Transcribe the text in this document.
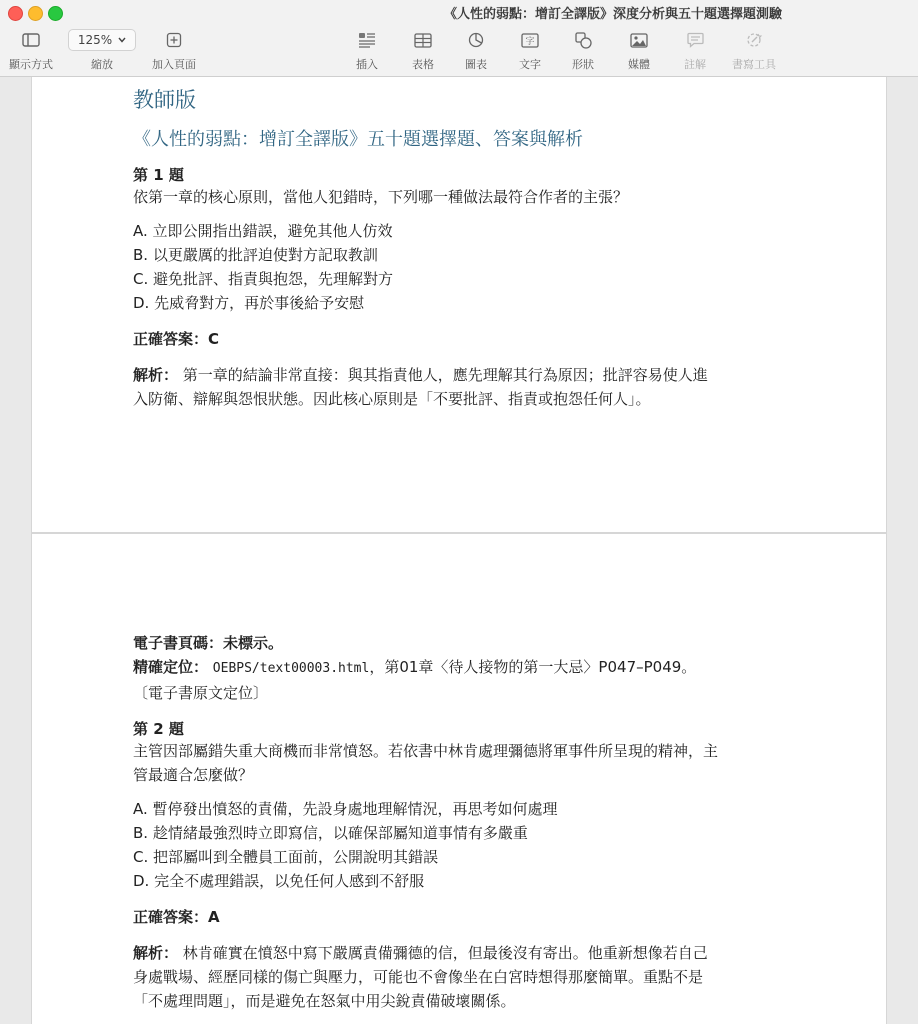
《人性的弱點：增訂全譯版》深度分析與五十題選擇題測驗
顯示方式
125%
縮放	加入頁面	插入	表格	圖表
字
文字	形狀	媒體	註解	書寫工具

教師版

《人性的弱點：增訂全譯版》五十題選擇題、答案與解析

第 1 題

依第一章的核心原則，當他人犯錯時，下列哪一種做法最符合作者的主張？

A. 立即公開指出錯誤，避免其他人仿效

B. 以更嚴厲的批評迫使對方記取教訓

C. 避免批評、指責與抱怨，先理解對方

D. 先威脅對方，再於事後給予安慰

正確答案：C

解析： 第一章的結論非常直接：與其指責他人，應先理解其行為原因；批評容易使人進

入防衛、辯解與怨恨狀態。因此核心原則是「不要批評、指責或抱怨任何人」。

電子書頁碼：未標示。

精確定位： OEBPS/text00003.html，第01章〈待人接物的第一大忌〉P047–P049。

〔電子書原文定位〕

第 2 題

主管因部屬錯失重大商機而非常憤怒。若依書中林肯處理彌德將軍事件所呈現的精神，主

管最適合怎麼做？

A. 暫停發出憤怒的責備，先設身處地理解情況，再思考如何處理

B. 趁情緒最強烈時立即寫信，以確保部屬知道事情有多嚴重

C. 把部屬叫到全體員工面前，公開說明其錯誤

D. 完全不處理錯誤，以免任何人感到不舒服

正確答案：A

解析： 林肯確實在憤怒中寫下嚴厲責備彌德的信，但最後沒有寄出。他重新想像若自己

身處戰場、經歷同樣的傷亡與壓力，可能也不會像坐在白宮時想得那麼簡單。重點不是

「不處理問題」，而是避免在怒氣中用尖銳責備破壞關係。
